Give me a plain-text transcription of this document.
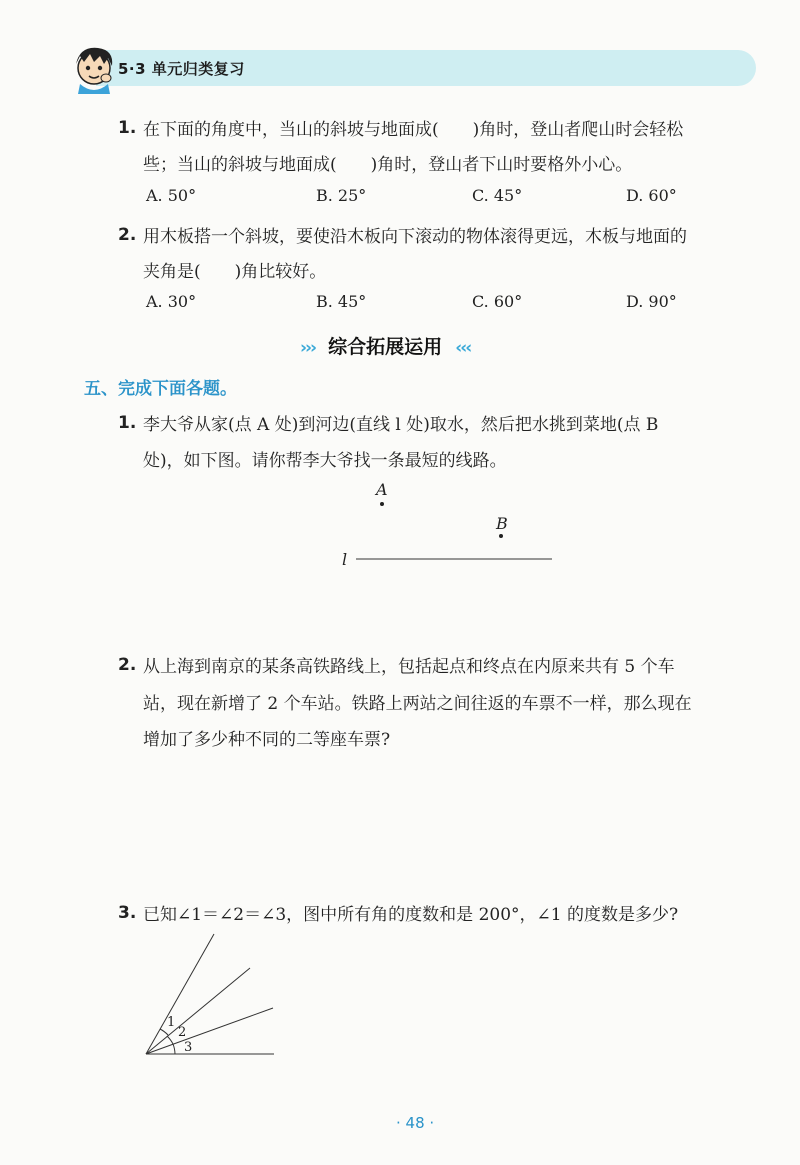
5·3 单元归类复习
1. 在下面的角度中，当山的斜坡与地面成(　　)角时，登山者爬山时会轻松
些；当山的斜坡与地面成(　　)角时，登山者下山时要格外小心。
A. 50°	B. 25°	C. 45°	D. 60°
2. 用木板搭一个斜坡，要使沿木板向下滚动的物体滚得更远，木板与地面的
夹角是(　　)角比较好。
A. 30°	B. 45°	C. 60°	D. 90°
››› 综合拓展运用 ‹‹‹
五、完成下面各题。
1. 李大爷从家(点 A 处)到河边(直线 l 处)取水，然后把水挑到菜地(点 B
处)，如下图。请你帮李大爷找一条最短的线路。
A
B
l
2. 从上海到南京的某条高铁路线上，包括起点和终点在内原来共有 5 个车
站，现在新增了 2 个车站。铁路上两站之间往返的车票不一样，那么现在
增加了多少种不同的二等座车票?
3. 已知∠1＝∠2＝∠3，图中所有角的度数和是 200°，∠1 的度数是多少?
1
2
3
· 48 ·
